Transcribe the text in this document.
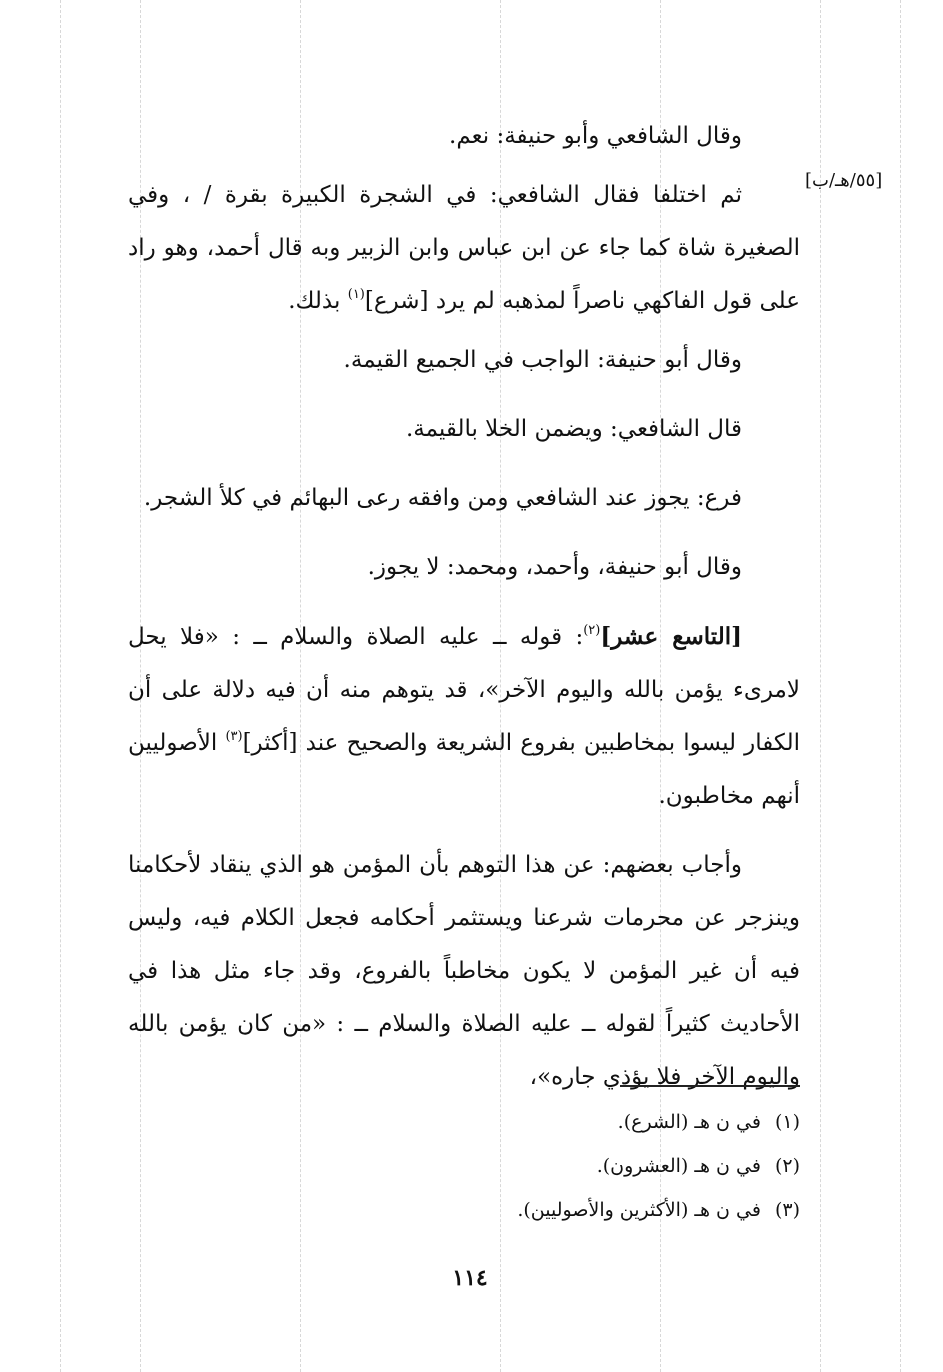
[٥٥/هـ/ب]

وقال الشافعي وأبو حنيفة: نعم.

ثم اختلفا فقال الشافعي: في الشجرة الكبيرة بقرة / ، وفي الصغيرة شاة كما جاء عن ابن عباس وابن الزبير وبه قال أحمد، وهو راد على قول الفاكهي ناصراً لمذهبه لم يرد [شرع]$^{(١)}$ بذلك.

وقال أبو حنيفة: الواجب في الجميع القيمة.

قال الشافعي: ويضمن الخلا بالقيمة.

فرع: يجوز عند الشافعي ومن وافقه رعى البهائم في كلأ الشجر.

وقال أبو حنيفة، وأحمد، ومحمد: لا يجوز.

[التاسع عشر]$^{(٢)}$: قوله ــ عليه الصلاة والسلام ــ : «فلا يحل لامرىء يؤمن بالله واليوم الآخر»، قد يتوهم منه أن فيه دلالة على أن الكفار ليسوا بمخاطبين بفروع الشريعة والصحيح عند [أكثر]$^{(٣)}$ الأصوليين أنهم مخاطبون.

وأجاب بعضهم: عن هذا التوهم بأن المؤمن هو الذي ينقاد لأحكامنا وينزجر عن محرمات شرعنا ويستثمر أحكامه فجعل الكلام فيه، وليس فيه أن غير المؤمن لا يكون مخاطباً بالفروع، وقد جاء مثل هذا في الأحاديث كثيراً لقوله ــ عليه الصلاة والسلام ــ : «من كان يؤمن بالله واليوم الآخر فلا يؤذي جاره»،

(١)في ن هـ (الشرع).

(٢)في ن هـ (العشرون).

(٣)في ن هـ (الأكثرين والأصوليين).

١١٤
